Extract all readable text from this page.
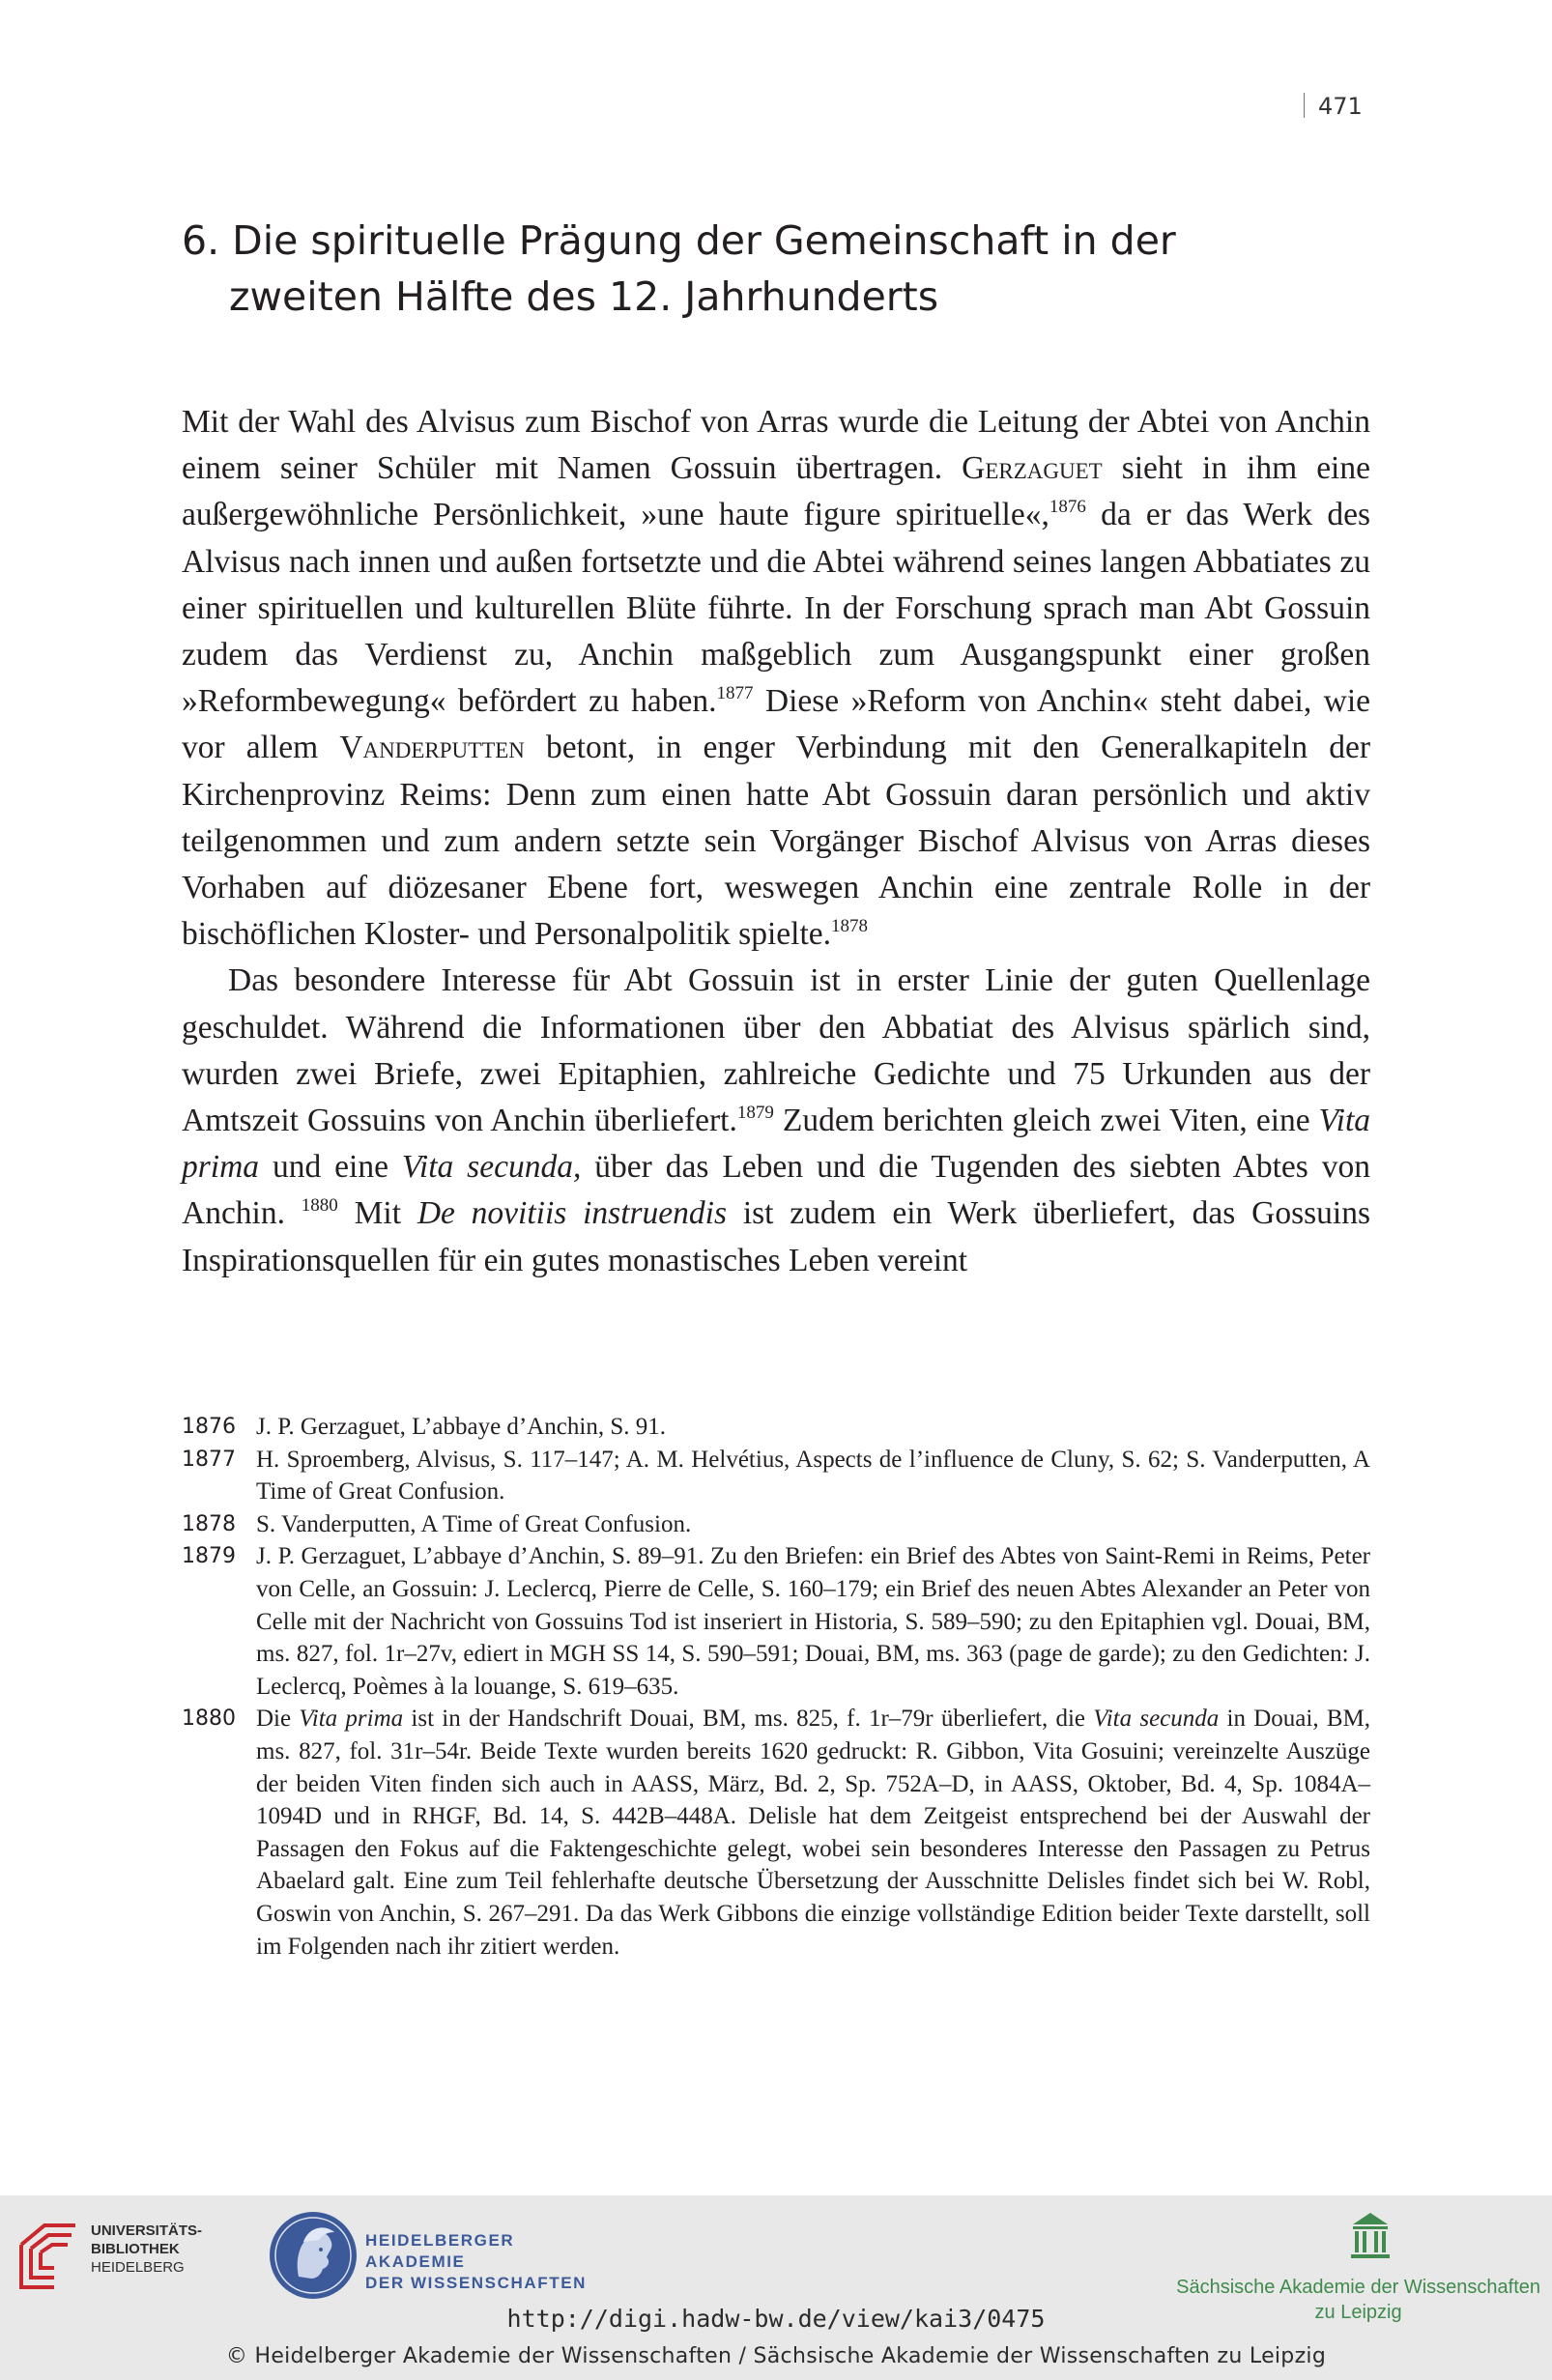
471
6. Die spirituelle Prägung der Gemeinschaft in der
zweiten Hälfte des 12. Jahrhunderts

Mit der Wahl des Alvisus zum Bischof von Arras wurde die Leitung der Abtei von Anchin einem seiner Schüler mit Namen Gossuin übertragen. Gerzaguet sieht in ihm eine außergewöhnliche Persönlichkeit, »une haute figure spirituelle«,$^{1876}$ da er das Werk des Alvisus nach innen und außen fortsetzte und die Abtei während seines langen Abbatiates zu einer spirituellen und kulturellen Blüte führte. In der Forschung sprach man Abt Gossuin zudem das Verdienst zu, Anchin maßgeblich zum Ausgangspunkt einer großen »Reformbewegung« befördert zu haben.$^{1877}$ Diese »Reform von Anchin« steht dabei, wie vor allem Vanderputten betont, in enger Verbindung mit den Generalkapiteln der Kirchenprovinz Reims: Denn zum einen hatte Abt Gossuin daran persönlich und aktiv teilgenommen und zum andern setzte sein Vorgänger Bischof Alvisus von Arras dieses Vorhaben auf diözesaner Ebene fort, weswegen Anchin eine zentrale Rolle in der bischöflichen Kloster- und Personalpolitik spielte.$^{1878}$

Das besondere Interesse für Abt Gossuin ist in erster Linie der guten Quellenlage geschuldet. Während die Informationen über den Abbatiat des Alvisus spärlich sind, wurden zwei Briefe, zwei Epitaphien, zahlreiche Gedichte und 75 Urkunden aus der Amtszeit Gossuins von Anchin überliefert.$^{1879}$ Zudem berichten gleich zwei Viten, eine Vita prima und eine Vita secunda, über das Leben und die Tugenden des siebten Abtes von Anchin. $^{1880}$ Mit De novitiis instruendis ist zudem ein Werk überliefert, das Gossuins Inspirationsquellen für ein gutes monastisches Leben vereint

1876 J. P. Gerzaguet, L’abbaye d’Anchin, S. 91.

1877 H. Sproemberg, Alvisus, S. 117–147; A. M. Helvétius, Aspects de l’influence de Cluny, S. 62; S. Vanderputten, A Time of Great Confusion.

1878 S. Vanderputten, A Time of Great Confusion.

1879 J. P. Gerzaguet, L’abbaye d’Anchin, S. 89–91. Zu den Briefen: ein Brief des Abtes von Saint-Remi in Reims, Peter von Celle, an Gossuin: J. Leclercq, Pierre de Celle, S. 160–179; ein Brief des neuen Abtes Alexander an Peter von Celle mit der Nachricht von Gossuins Tod ist inseriert in Historia, S. 589–590; zu den Epitaphien vgl. Douai, BM, ms. 827, fol. 1r–27v, ediert in MGH SS 14, S. 590–591; Douai, BM, ms. 363 (page de garde); zu den Gedichten: J. Leclercq, Poèmes à la louange, S. 619–635.

1880 Die Vita prima ist in der Handschrift Douai, BM, ms. 825, f. 1r–79r überliefert, die Vita secunda in Douai, BM, ms. 827, fol. 31r–54r. Beide Texte wurden bereits 1620 gedruckt: R. Gibbon, Vita Gosuini; vereinzelte Auszüge der beiden Viten finden sich auch in AASS, März, Bd. 2, Sp. 752A–D, in AASS, Oktober, Bd. 4, Sp. 1084A–1094D und in RHGF, Bd. 14, S. 442B–448A. Delisle hat dem Zeitgeist entsprechend bei der Auswahl der Passagen den Fokus auf die Faktengeschichte gelegt, wobei sein besonderes Interesse den Passagen zu Petrus Abaelard galt. Eine zum Teil fehlerhafte deutsche Übersetzung der Ausschnitte Delisles findet sich bei W. Robl, Goswin von Anchin, S. 267–291. Da das Werk Gibbons die einzige vollständige Edition beider Texte darstellt, soll im Folgenden nach ihr zitiert werden.

UNIVERSITÄTS-
BIBLIOTHEK
HEIDELBERG
HEIDELBERGER AKADEMIE
DER WISSENSCHAFTEN	Sächsische Akademie der Wissenschaften
zu Leipzig
http://digi.hadw-bw.de/view/kai3/0475
© Heidelberger Akademie der Wissenschaften / Sächsische Akademie der Wissenschaften zu Leipzig
